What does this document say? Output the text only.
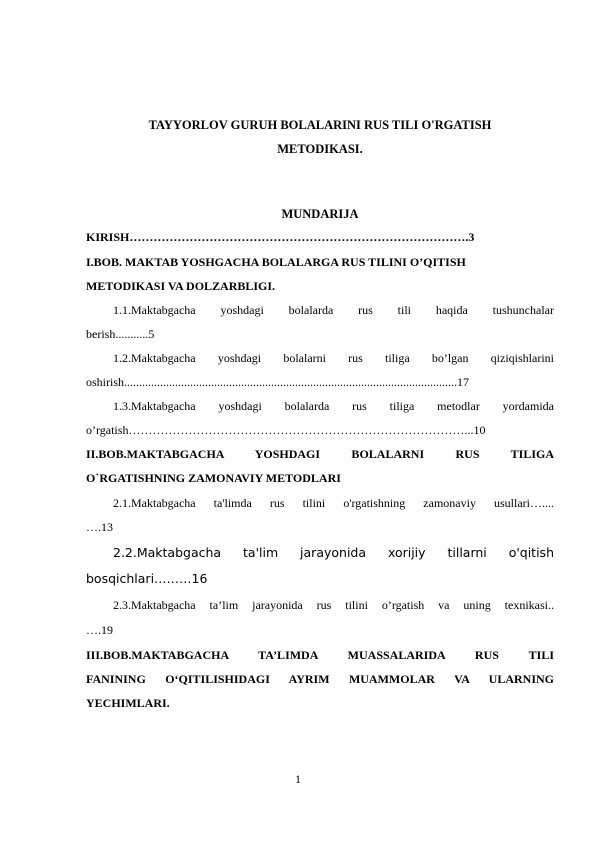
TAYYORLOV GURUH BOLALARINI RUS TILI O'RGATISH
METODIKASI.
MUNDARIJA
KIRISH………………………………………………………………………….3
I.BOB. MAKTAB YOSHGACHA BOLALARGA RUS TILINI O’QITISH
METODIKASI VA DOLZARBLIGI.
1.1.Maktabgacha yoshdagi bolalarda rus tili haqida tushunchalar
berish...........5
1.2.Maktabgacha yoshdagi bolalarni rus tiliga bo’lgan qiziqishlarini
oshirish...............................................................................................................17
1.3.Maktabgacha yoshdagi bolalarda rus tiliga metodlar yordamida
o’rgatish…………………………………………………………………………...10
II.BOB.MAKTABGACHA YOSHDAGI BOLALARNI RUS TILIGA
O`RGATISHNING ZAMONAVIY METODLARI
2.1.Maktabgacha ta'limda rus tilini o'rgatishning zamonaviy usullari…....
….13
2.2.Maktabgacha ta'lim jarayonida xorijiy tillarni o'qitish
bosqichlari………16
2.3.Maktabgacha ta’lim jarayonida rus tilini o’rgatish va uning texnikasi..
….19
III.BOB.MAKTABGACHA TA’LIMDA MUASSALARIDA RUS TILI
FANINING O‘QITILISHIDAGI AYRIM MUAMMOLAR VA ULARNING
YECHIMLARI.
1
